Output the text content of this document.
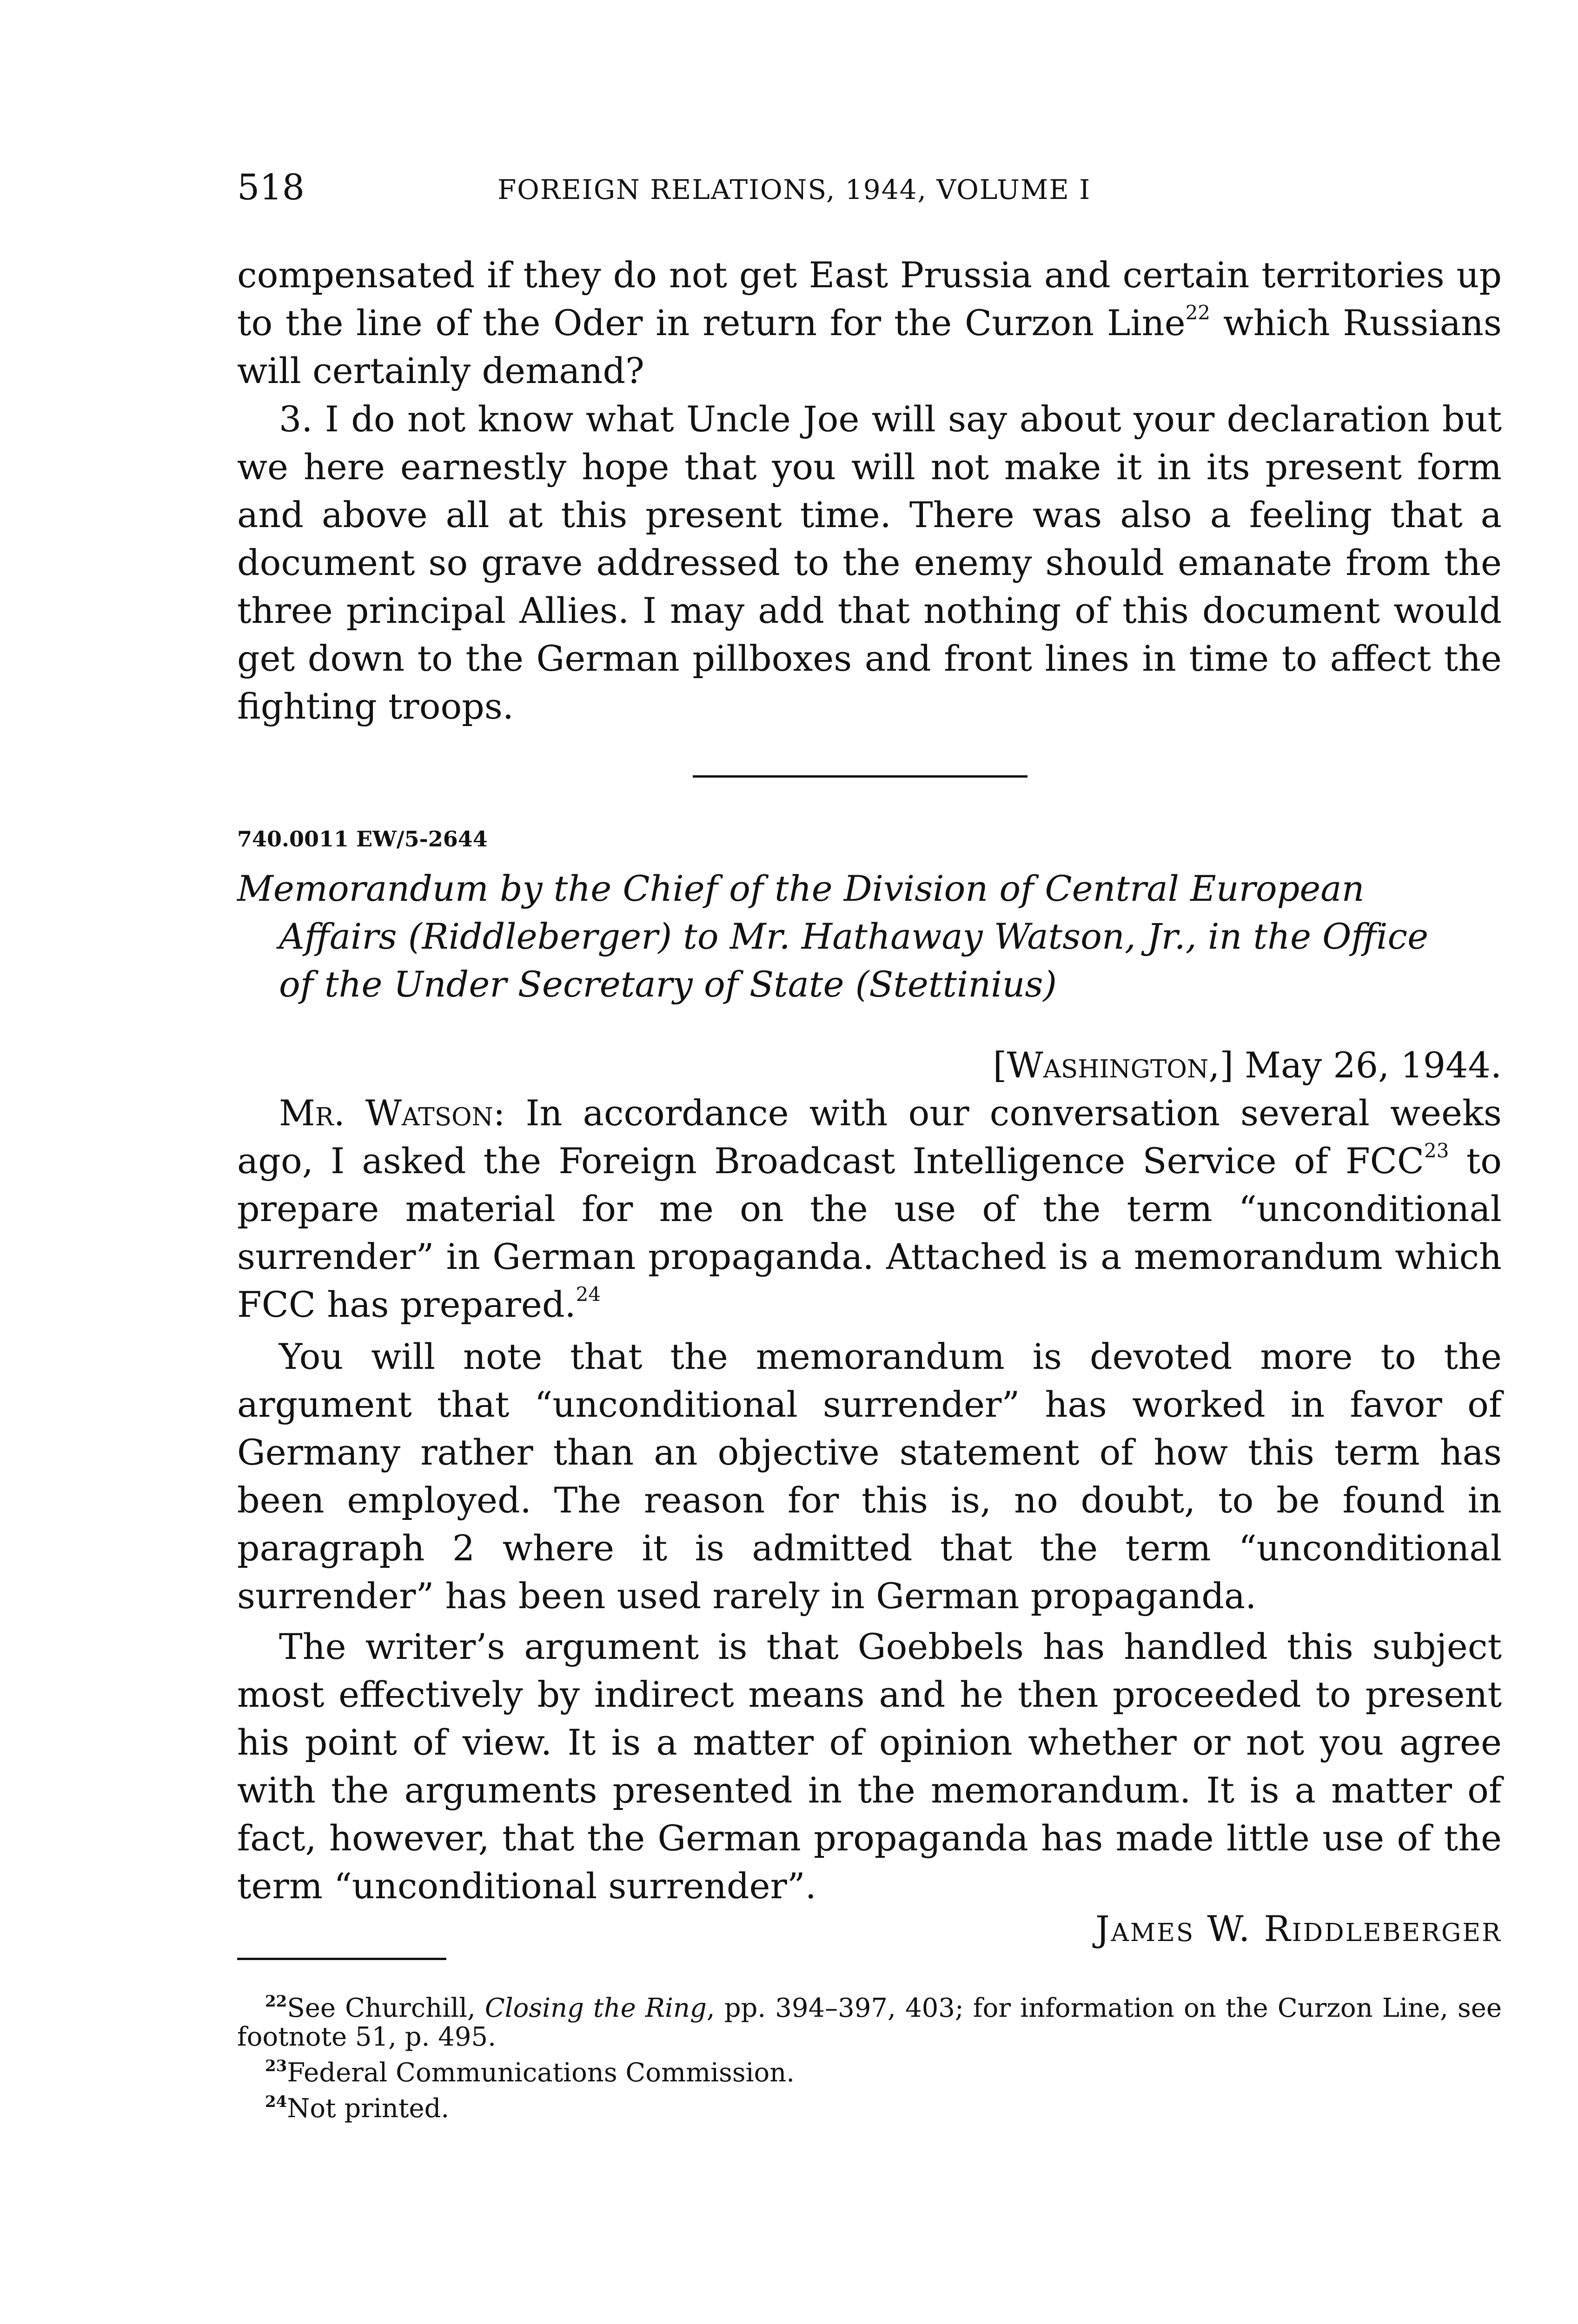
518	FOREIGN RELATIONS, 1944, VOLUME I

compensated if they do not get East Prussia and certain territories up to the line of the Oder in return for the Curzon Line$^{22}$ which Russians will certainly demand?

3. I do not know what Uncle Joe will say about your declaration but we here earnestly hope that you will not make it in its present form and above all at this present time. There was also a feeling that a document so grave addressed to the enemy should emanate from the three principal Allies. I may add that nothing of this document would get down to the German pillboxes and front lines in time to affect the fighting troops.

740.0011 EW/5-2644
Memorandum by the Chief of the Division of Central European
Affairs (Riddleberger) to Mr. Hathaway Watson, Jr., in the Office
of the Under Secretary of State (Stettinius)
[Washington,] May 26, 1944.

Mr. Watson: In accordance with our conversation several weeks ago, I asked the Foreign Broadcast Intelligence Service of FCC$^{23}$ to prepare material for me on the use of the term “unconditional surrender” in German propaganda. Attached is a memorandum which FCC has prepared.$^{24}$

You will note that the memorandum is devoted more to the argument that “unconditional surrender” has worked in favor of Germany rather than an objective statement of how this term has been employed. The reason for this is, no doubt, to be found in paragraph 2 where it is admitted that the term “unconditional surrender” has been used rarely in German propaganda.

The writer’s argument is that Goebbels has handled this subject most effectively by indirect means and he then proceeded to present his point of view. It is a matter of opinion whether or not you agree with the arguments presented in the memorandum. It is a matter of fact, however, that the German propaganda has made little use of the term “unconditional surrender”.

James W. Riddleberger

$^{22}$See Churchill, Closing the Ring, pp. 394–397, 403; for information on the Curzon Line, see footnote 51, p. 495.

$^{23}$Federal Communications Commission.

$^{24}$Not printed.
